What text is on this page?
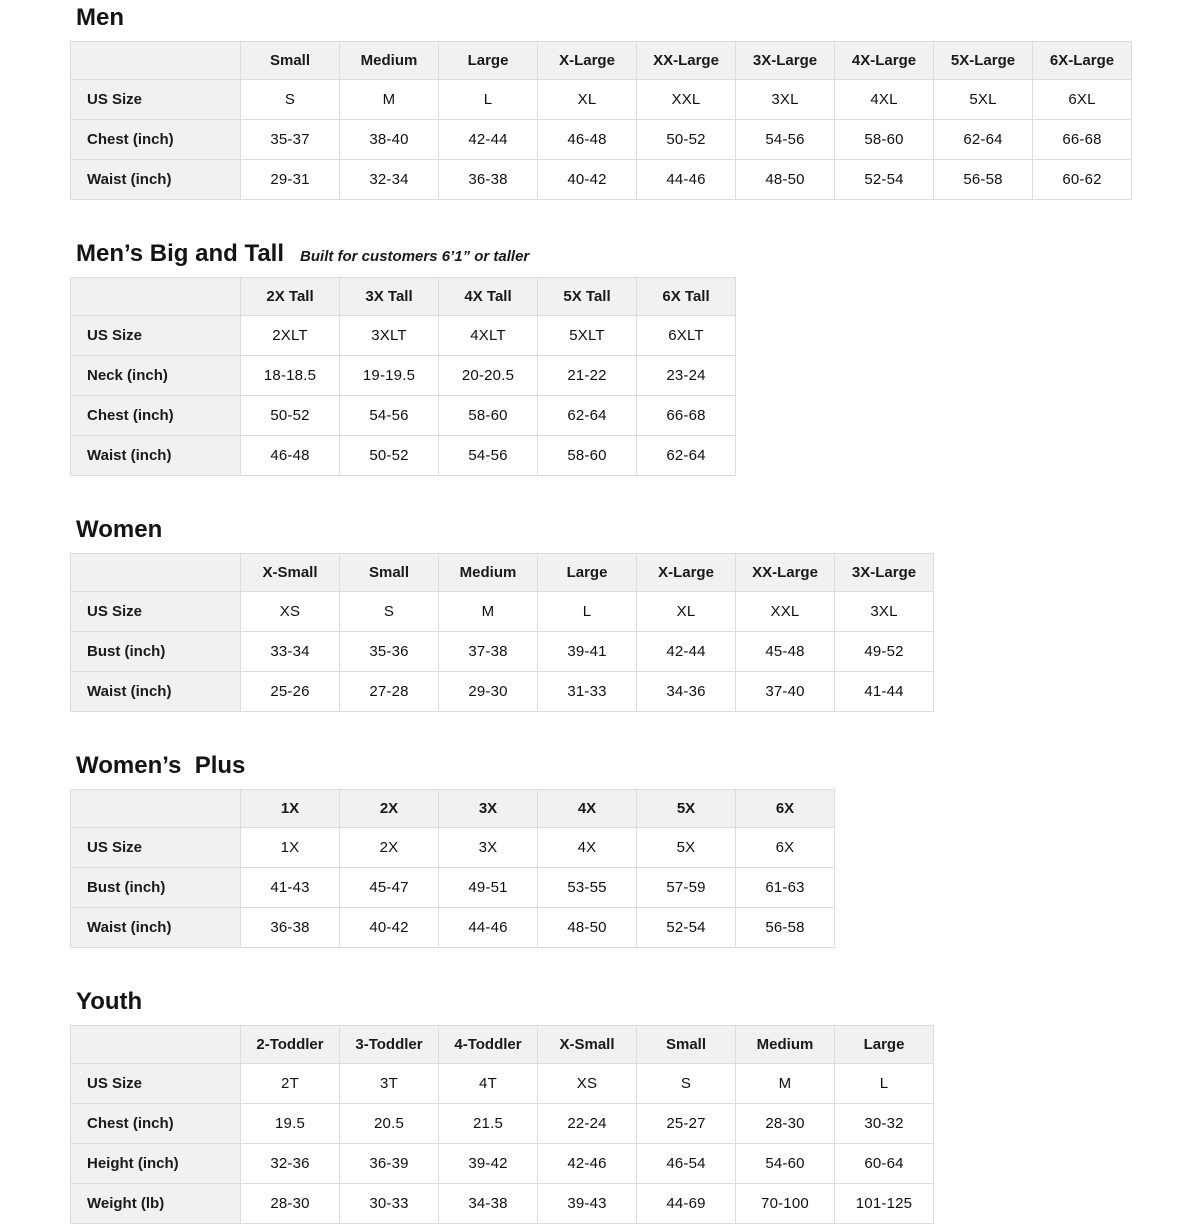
Men
	Small	Medium	Large	X-Large	XX-Large	3X-Large	4X-Large	5X-Large	6X-Large
US Size	S	M	L	XL	XXL	3XL	4XL	5XL	6XL
Chest (inch)	35-37	38-40	42-44	46-48	50-52	54-56	58-60	62-64	66-68
Waist (inch)	29-31	32-34	36-38	40-42	44-46	48-50	52-54	56-58	60-62
Men’s Big and Tall Built for customers 6’1” or taller
	2X Tall	3X Tall	4X Tall	5X Tall	6X Tall
US Size	2XLT	3XLT	4XLT	5XLT	6XLT
Neck (inch)	18-18.5	19-19.5	20-20.5	21-22	23-24
Chest (inch)	50-52	54-56	58-60	62-64	66-68
Waist (inch)	46-48	50-52	54-56	58-60	62-64
Women
	X-Small	Small	Medium	Large	X-Large	XX-Large	3X-Large
US Size	XS	S	M	L	XL	XXL	3XL
Bust (inch)	33-34	35-36	37-38	39-41	42-44	45-48	49-52
Waist (inch)	25-26	27-28	29-30	31-33	34-36	37-40	41-44
Women’s  Plus
	1X	2X	3X	4X	5X	6X
US Size	1X	2X	3X	4X	5X	6X
Bust (inch)	41-43	45-47	49-51	53-55	57-59	61-63
Waist (inch)	36-38	40-42	44-46	48-50	52-54	56-58
Youth
	2-Toddler	3-Toddler	4-Toddler	X-Small	Small	Medium	Large
US Size	2T	3T	4T	XS	S	M	L
Chest (inch)	19.5	20.5	21.5	22-24	25-27	28-30	30-32
Height (inch)	32-36	36-39	39-42	42-46	46-54	54-60	60-64
Weight (lb)	28-30	30-33	34-38	39-43	44-69	70-100	101-125
